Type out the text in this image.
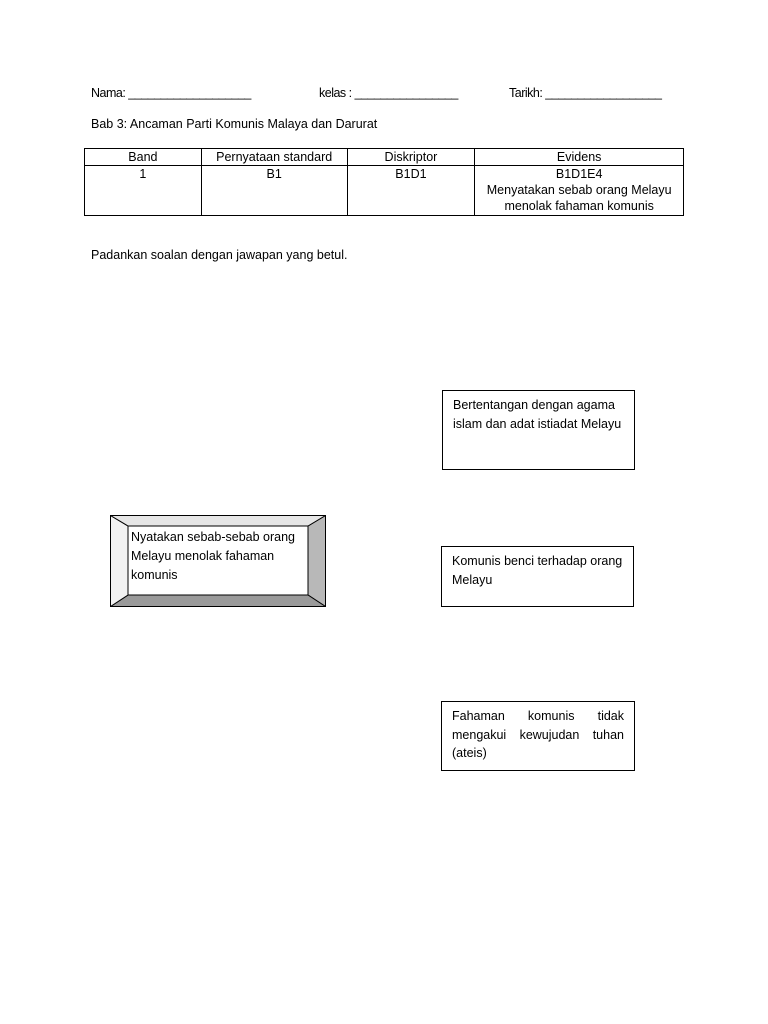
Nama: ___________________	kelas : ________________	Tarikh: __________________
Bab 3: Ancaman Parti Komunis Malaya dan Darurat
Band	Pernyataan standard	Diskriptor	Evidens
1	B1	B1D1	B1D1E4
Menyatakan sebab orang Melayu
menolak fahaman komunis
Padankan soalan dengan jawapan yang betul.
Bertentangan dengan agama islam dan adat istiadat Melayu
Komunis benci terhadap orang Melayu
Fahaman komunis tidak mengakui kewujudan tuhan (ateis)
Nyatakan sebab-sebab orang Melayu menolak fahaman komunis
